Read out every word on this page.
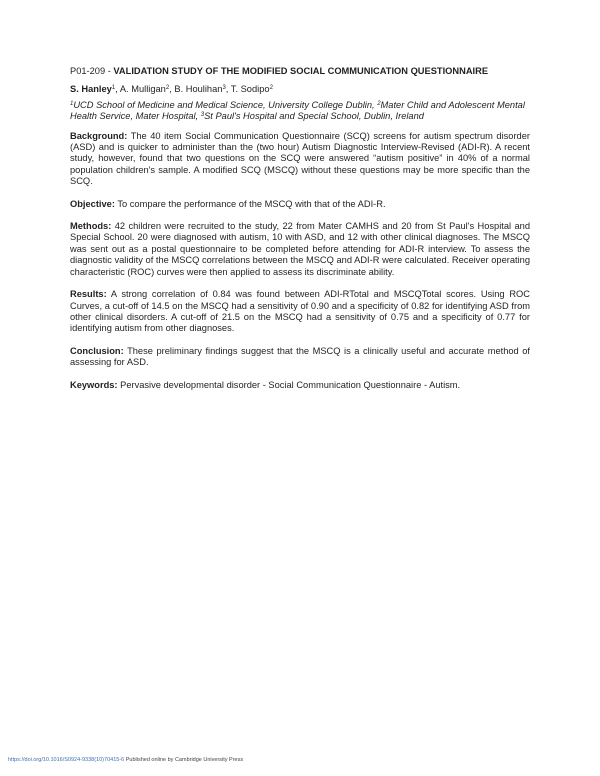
P01-209 - VALIDATION STUDY OF THE MODIFIED SOCIAL COMMUNICATION QUESTIONNAIRE
S. Hanley$^1$, A. Mulligan$^2$, B. Houlihan$^3$, T. Sodipo$^2$
$^1$UCD School of Medicine and Medical Science, University College Dublin, $^2$Mater Child and Adolescent Mental Health Service, Mater Hospital, $^3$St Paul's Hospital and Special School, Dublin, Ireland

Background: The 40 item Social Communication Questionnaire (SCQ) screens for autism spectrum disorder (ASD) and is quicker to administer than the (two hour) Autism Diagnostic Interview-Revised (ADI-R). A recent study, however, found that two questions on the SCQ were answered “autism positive” in 40% of a normal population children's sample. A modified SCQ (MSCQ) without these questions may be more specific than the SCQ.

Objective: To compare the performance of the MSCQ with that of the ADI-R.

Methods: 42 children were recruited to the study, 22 from Mater CAMHS and 20 from St Paul's Hospital and Special School. 20 were diagnosed with autism, 10 with ASD, and 12 with other clinical diagnoses. The MSCQ was sent out as a postal questionnaire to be completed before attending for ADI-R interview. To assess the diagnostic validity of the MSCQ correlations between the MSCQ and ADI-R were calculated. Receiver operating characteristic (ROC) curves were then applied to assess its discriminate ability.

Results: A strong correlation of 0.84 was found between ADI-RTotal and MSCQTotal scores. Using ROC Curves, a cut-off of 14.5 on the MSCQ had a sensitivity of 0.90 and a specificity of 0.82 for identifying ASD from other clinical disorders. A cut-off of 21.5 on the MSCQ had a sensitivity of 0.75 and a specificity of 0.77 for identifying autism from other diagnoses.

Conclusion: These preliminary findings suggest that the MSCQ is a clinically useful and accurate method of assessing for ASD.

Keywords: Pervasive developmental disorder - Social Communication Questionnaire - Autism.

https://doi.org/10.1016/S0924-9338(10)70415-6 Published online by Cambridge University Press
